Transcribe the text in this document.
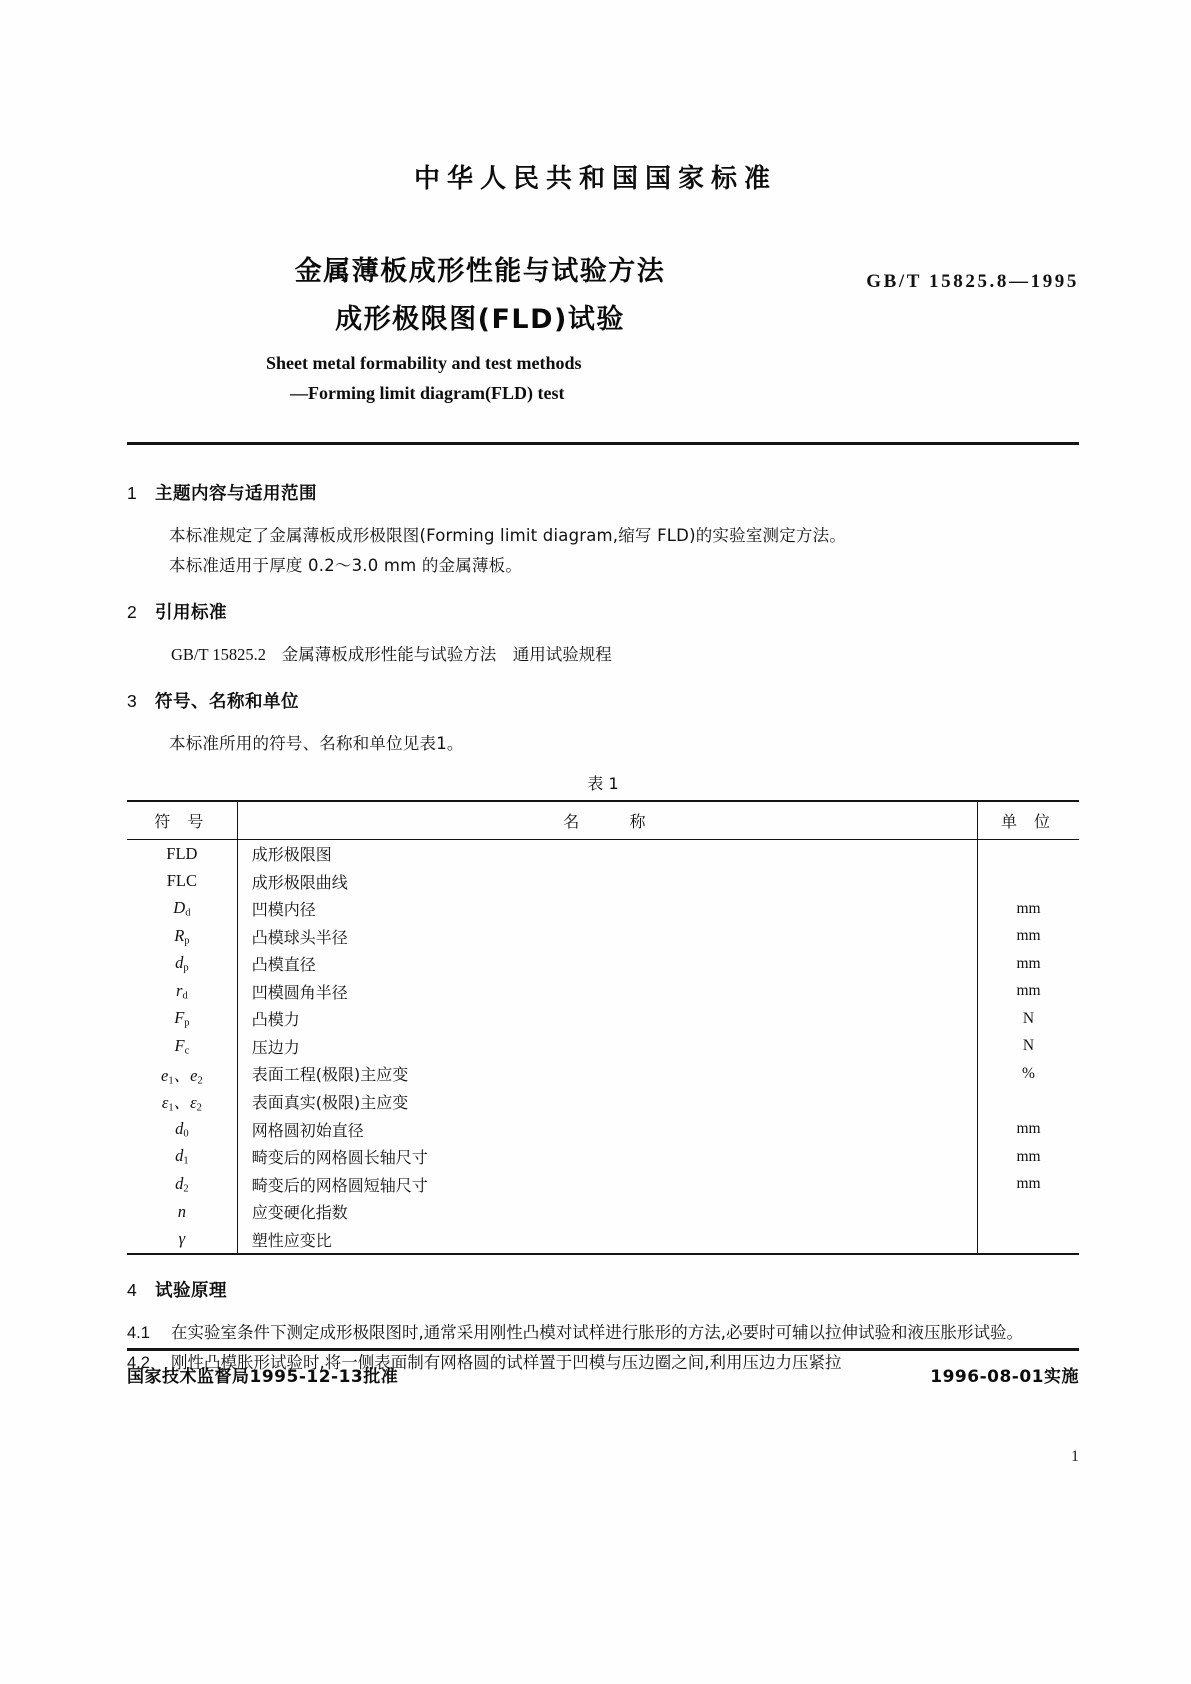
中华人民共和国国家标准
金属薄板成形性能与试验方法
成形极限图(FLD)试验
GB/T 15825.8—1995
Sheet metal formability and test methods
—Forming limit diagram(FLD) test
1 主题内容与适用范围

本标准规定了金属薄板成形极限图(Forming limit diagram,缩写 FLD)的实验室测定方法。

本标准适用于厚度 0.2～3.0 mm 的金属薄板。

2 引用标准
GB/T 15825.2 金属薄板成形性能与试验方法　通用试验规程
3 符号、名称和单位

本标准所用的符号、名称和单位见表1。

表 1
符 号	名 　 称	单 位
FLD	成形极限图	
FLC	成形极限曲线	
$D_d$	凹模内径	mm
$R_p$	凸模球头半径	mm
$d_p$	凸模直径	mm
$r_d$	凹模圆角半径	mm
$F_p$	凸模力	N
$F_c$	压边力	N
$e_1$、$e_2$	表面工程(极限)主应变	%
$\varepsilon_1$、$\varepsilon_2$	表面真实(极限)主应变	
$d_0$	网格圆初始直径	mm
$d_1$	畸变后的网格圆长轴尺寸	mm
$d_2$	畸变后的网格圆短轴尺寸	mm
n	应变硬化指数	
γ	塑性应变比	
4 试验原理

4.1 在实验室条件下测定成形极限图时,通常采用刚性凸模对试样进行胀形的方法,必要时可辅以拉伸试验和液压胀形试验。

4.2 刚性凸模胀形试验时,将一侧表面制有网格圆的试样置于凹模与压边圈之间,利用压边力压紧拉

国家技术监督局1995-12-13批准	1996-08-01实施
1
